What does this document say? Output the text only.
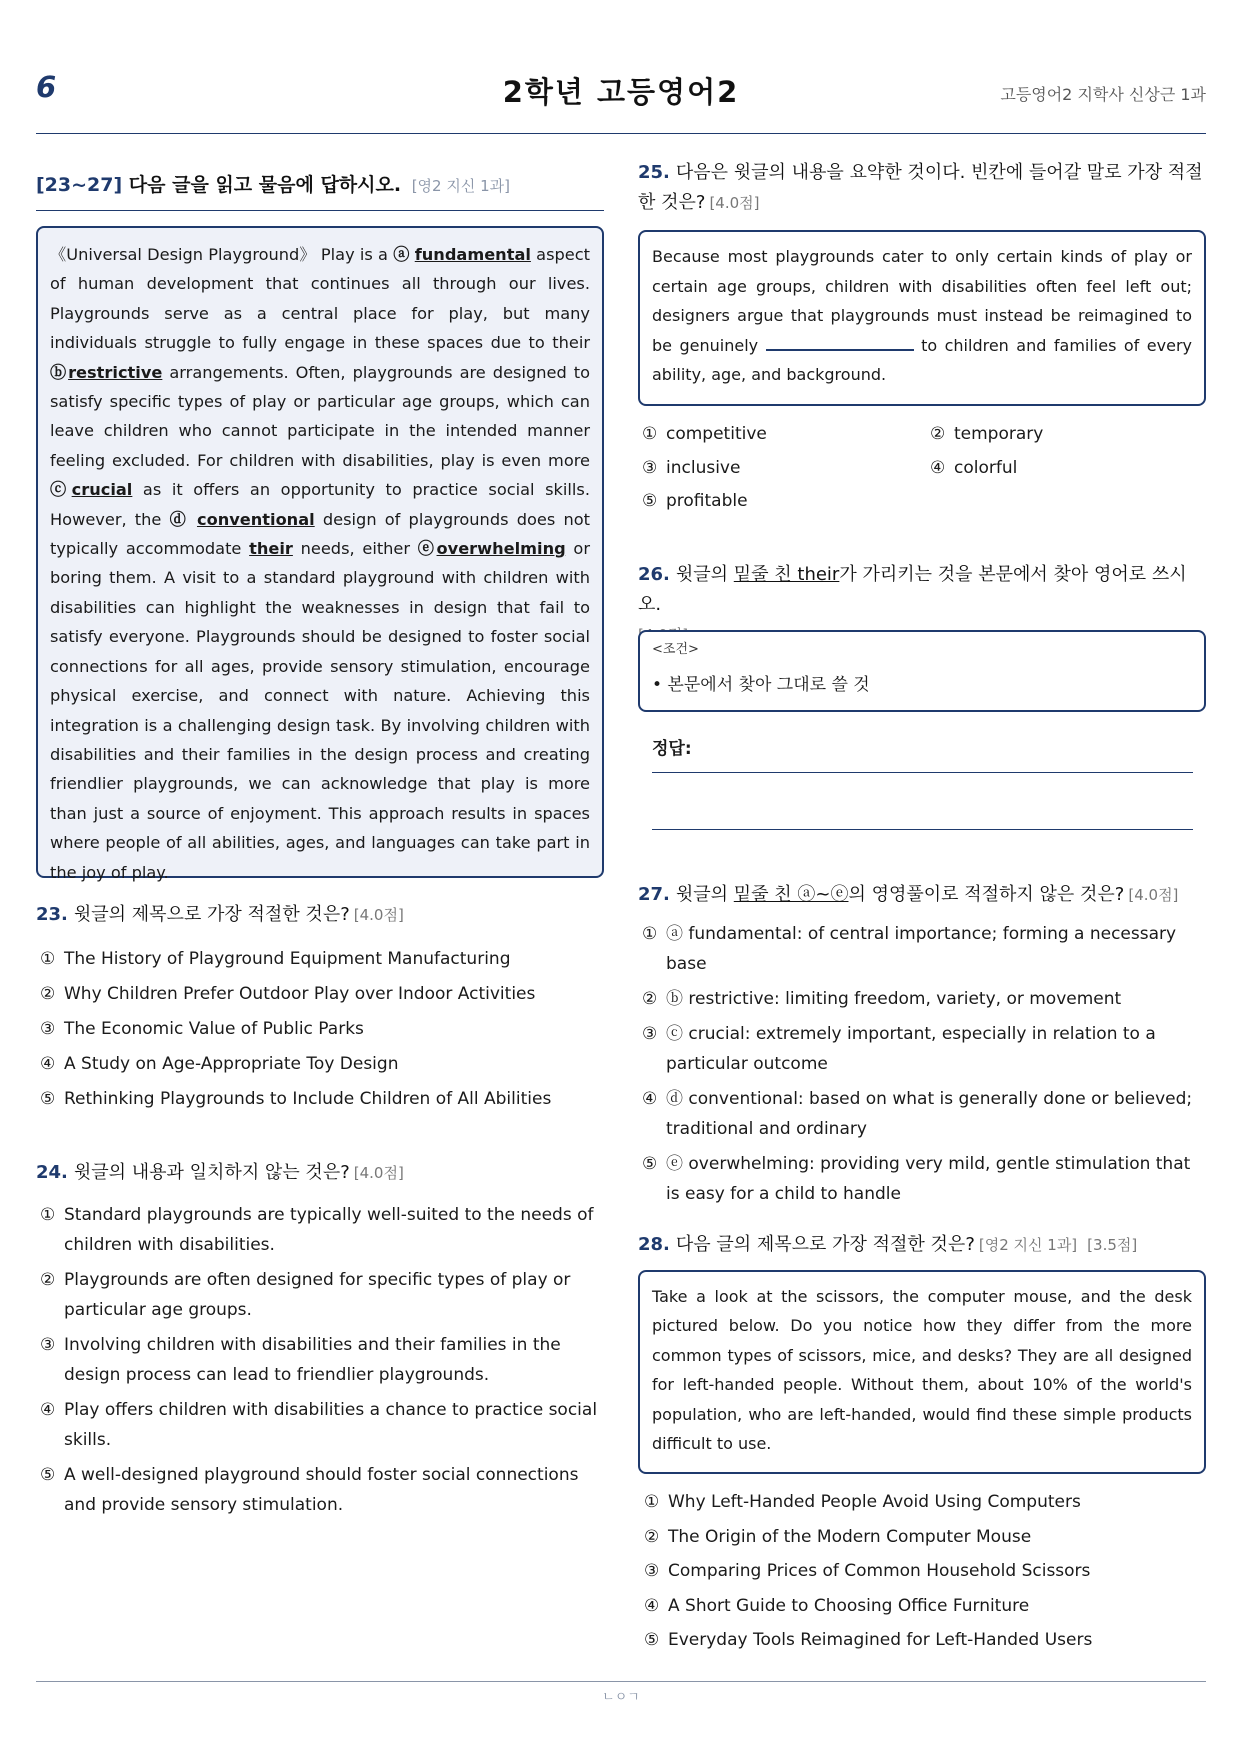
6	2학년 고등영어2	고등영어2 지학사 신상근 1과
[23~27] 다음 글을 읽고 물음에 답하시오. [영2 지신 1과]
《Universal Design Playground》 Play is a ⓐ fundamental aspect of human development that continues all through our lives. Playgrounds serve as a central place for play, but many individuals struggle to fully engage in these spaces due to their ⓑrestrictive arrangements. Often, playgrounds are designed to satisfy specific types of play or particular age groups, which can leave children who cannot participate in the intended manner feeling excluded. For children with disabilities, play is even more ⓒcrucial as it offers an opportunity to practice social skills. However, the ⓓ conventional design of playgrounds does not typically accommodate their needs, either ⓔoverwhelming or boring them. A visit to a standard playground with children with disabilities can highlight the weaknesses in design that fail to satisfy everyone. Playgrounds should be designed to foster social connections for all ages, provide sensory stimulation, encourage physical exercise, and connect with nature. Achieving this integration is a challenging design task. By involving children with disabilities and their families in the design process and creating friendlier playgrounds, we can acknowledge that play is more than just a source of enjoyment. This approach results in spaces where people of all abilities, ages, and languages can take part in the joy of play.
23. 윗글의 제목으로 가장 적절한 것은? [4.0점]
① The History of Playground Equipment Manufacturing
② Why Children Prefer Outdoor Play over Indoor Activities
③ The Economic Value of Public Parks
④ A Study on Age-Appropriate Toy Design
⑤ Rethinking Playgrounds to Include Children of All Abilities
24. 윗글의 내용과 일치하지 않는 것은? [4.0점]
① Standard playgrounds are typically well-suited to the needs of children with disabilities.
② Playgrounds are often designed for specific types of play or particular age groups.
③ Involving children with disabilities and their families in the design process can lead to friendlier playgrounds.
④ Play offers children with disabilities a chance to practice social skills.
⑤ A well-designed playground should foster social connections and provide sensory stimulation.
25. 다음은 윗글의 내용을 요약한 것이다. 빈칸에 들어갈 말로 가장 적절한 것은? [4.0점]
Because most playgrounds cater to only certain kinds of play or certain age groups, children with disabilities often feel left out; designers argue that playgrounds must instead be reimagined to be genuinely	to children and families of every ability, age, and background.
① competitive	② temporary
③ inclusive	④ colorful
⑤ profitable
26. 윗글의 밑줄 친 their가 가리키는 것을 본문에서 찾아 영어로 쓰시오.

<조건>
• 본문에서 찾아 그대로 쓸 것
정답:
27. 윗글의 밑줄 친 ⓐ~ⓔ의 영영풀이로 적절하지 않은 것은? [4.0점]
① ⓐ fundamental: of central importance; forming a necessary base
② ⓑ restrictive: limiting freedom, variety, or movement
③ ⓒ crucial: extremely important, especially in relation to a particular outcome
④ ⓓ conventional: based on what is generally done or believed; traditional and ordinary
⑤ ⓔ overwhelming: providing very mild, gentle stimulation that is easy for a child to handle
28. 다음 글의 제목으로 가장 적절한 것은? [영2 지신 1과] [3.5점]
Take a look at the scissors, the computer mouse, and the desk pictured below. Do you notice how they differ from the more common types of scissors, mice, and desks? They are all designed for left-handed people. Without them, about 10% of the world's population, who are left-handed, would find these simple products difficult to use.
① Why Left-Handed People Avoid Using Computers
② The Origin of the Modern Computer Mouse
③ Comparing Prices of Common Household Scissors
④ A Short Guide to Choosing Office Furniture
⑤ Everyday Tools Reimagined for Left-Handed Users
ㄴㅇㄱ
